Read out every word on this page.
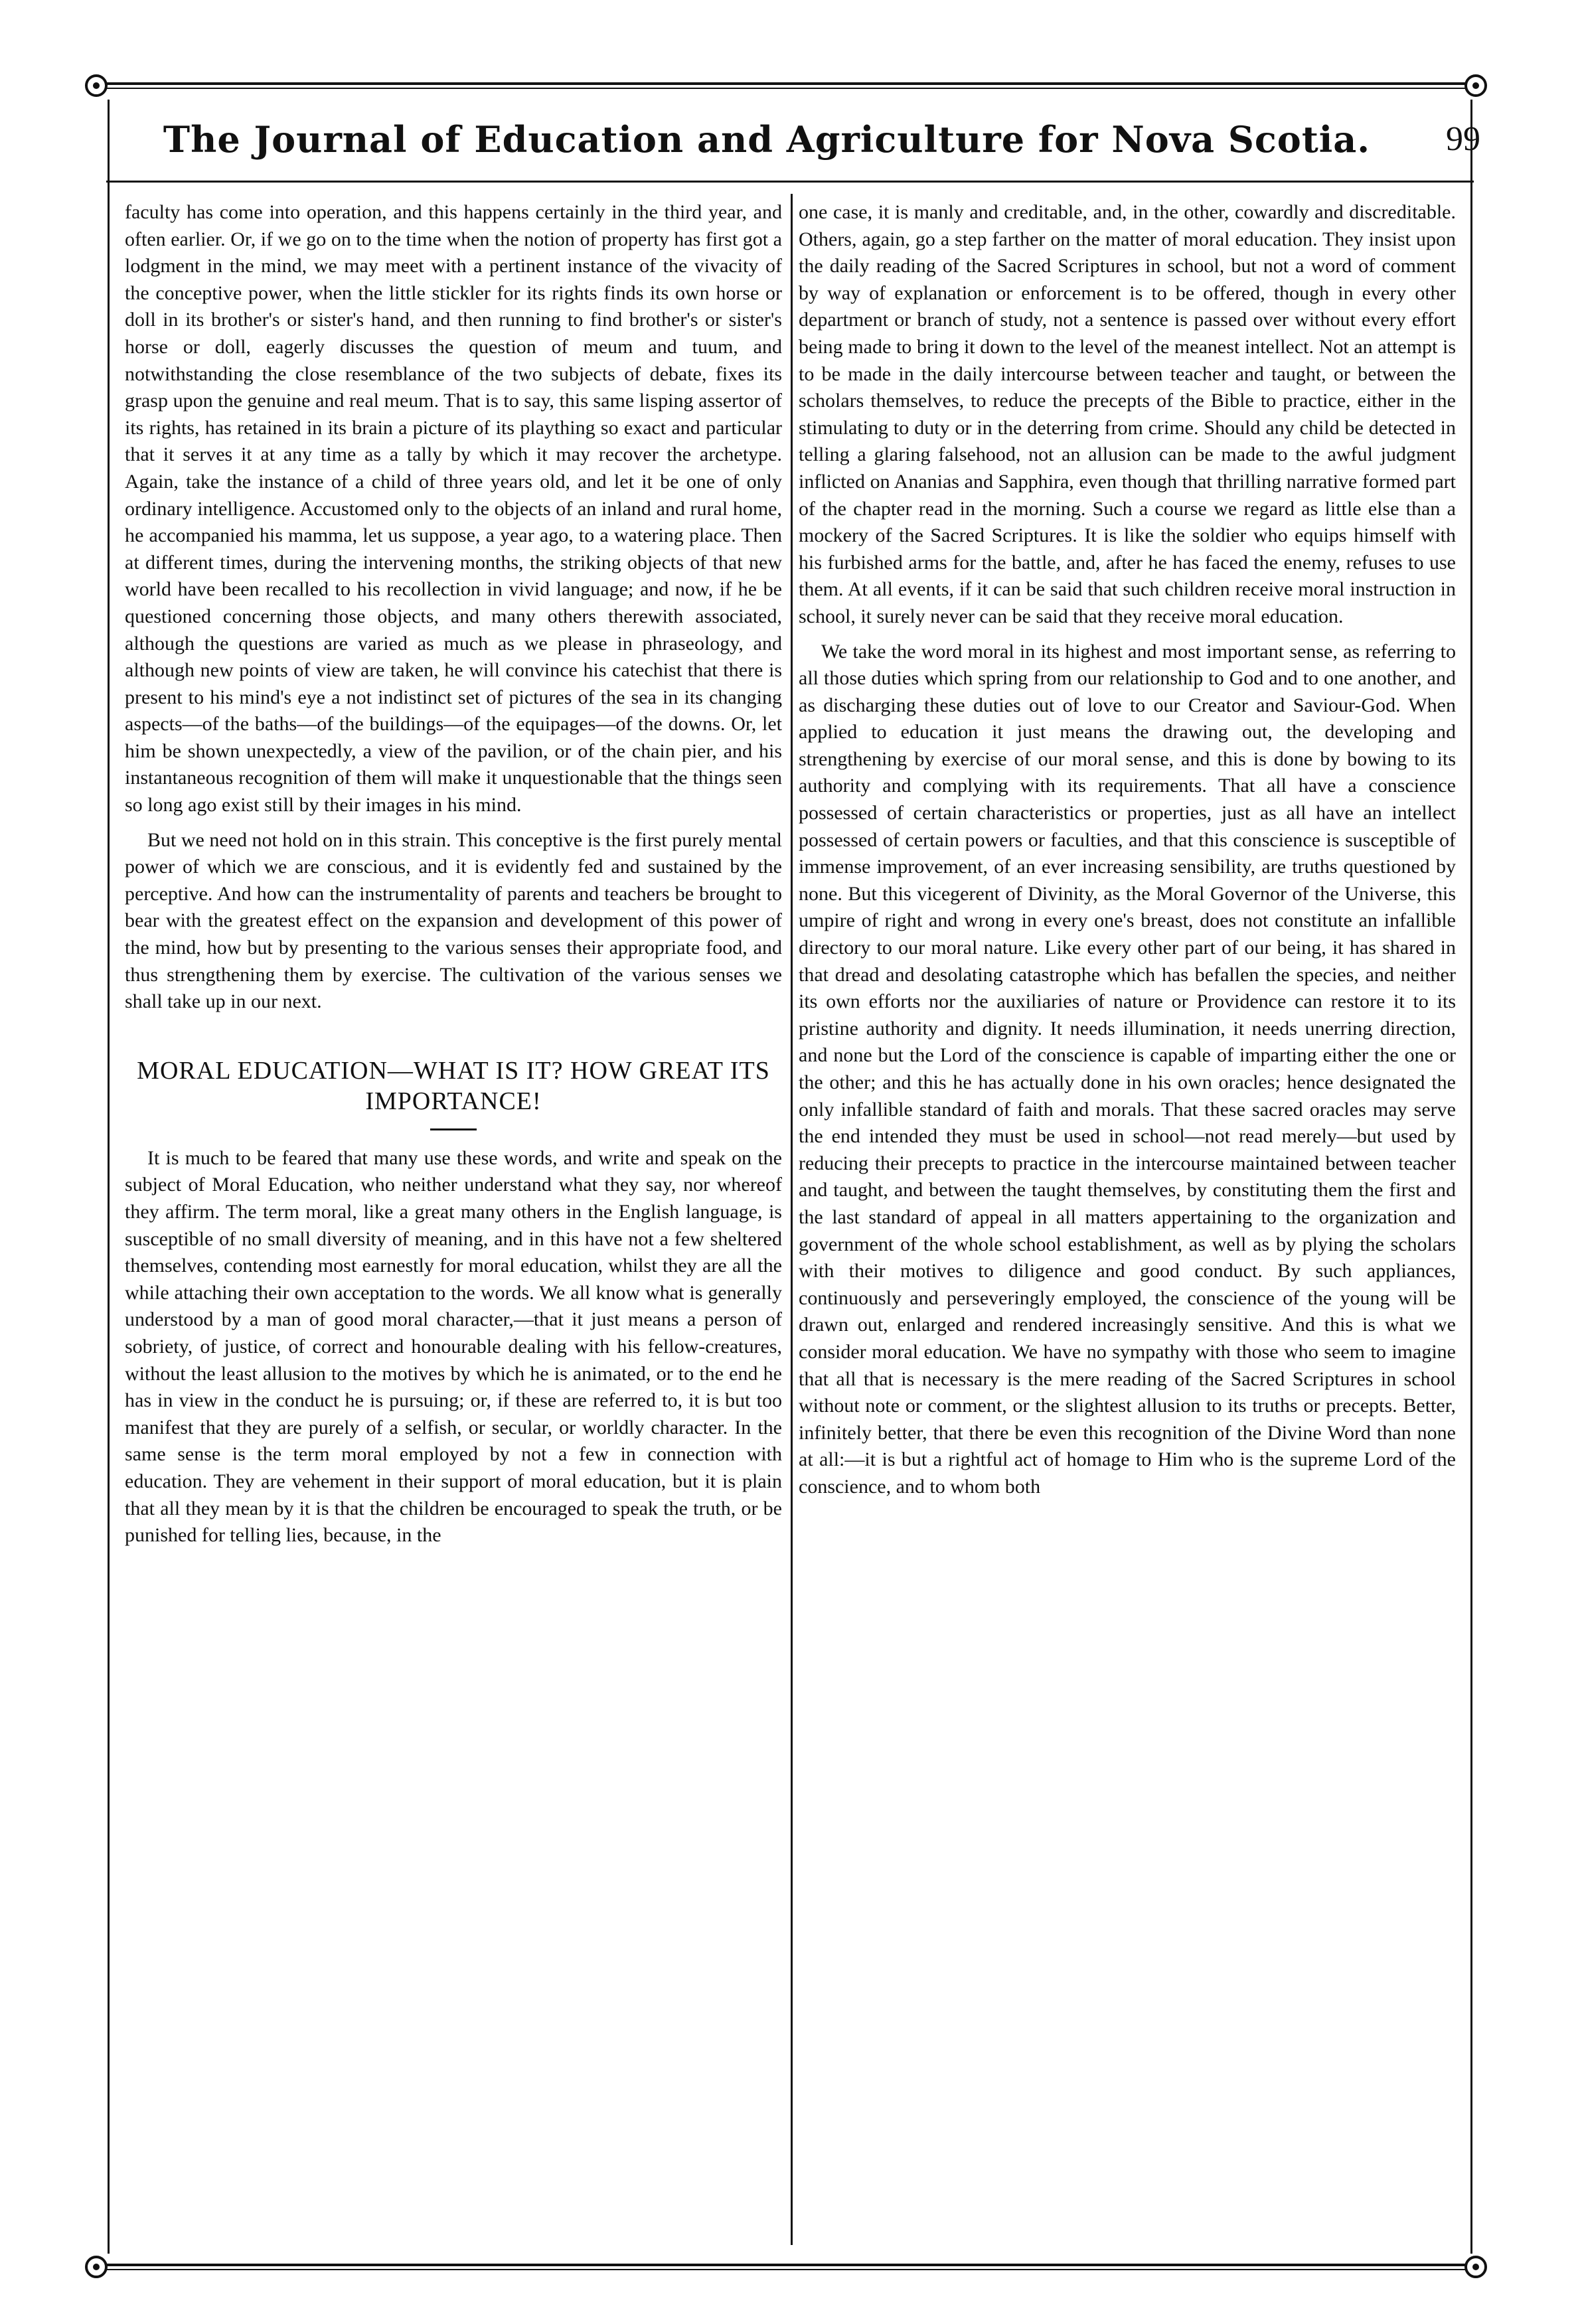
The Journal of Education and Agriculture for Nova Scotia. 99

faculty has come into operation, and this happens certainly in the third year, and often earlier. Or, if we go on to the time when the notion of property has first got a lodgment in the mind, we may meet with a pertinent instance of the vivacity of the conceptive power, when the little stickler for its rights finds its own horse or doll in its brother's or sister's hand, and then running to find brother's or sister's horse or doll, eagerly discusses the question of meum and tuum, and notwithstanding the close resemblance of the two subjects of debate, fixes its grasp upon the genuine and real meum. That is to say, this same lisping assertor of its rights, has retained in its brain a picture of its plaything so exact and particular that it serves it at any time as a tally by which it may recover the archetype. Again, take the instance of a child of three years old, and let it be one of only ordinary intelligence. Accustomed only to the objects of an inland and rural home, he accompanied his mamma, let us suppose, a year ago, to a watering place. Then at different times, during the intervening months, the striking objects of that new world have been recalled to his recollection in vivid language; and now, if he be questioned concerning those objects, and many others therewith associated, although the questions are varied as much as we please in phraseology, and although new points of view are taken, he will convince his catechist that there is present to his mind's eye a not indistinct set of pictures of the sea in its changing aspects—of the baths—of the buildings—of the equipages—of the downs. Or, let him be shown unexpectedly, a view of the pavilion, or of the chain pier, and his instantaneous recognition of them will make it unquestionable that the things seen so long ago exist still by their images in his mind.

But we need not hold on in this strain. This conceptive is the first purely mental power of which we are conscious, and it is evidently fed and sustained by the perceptive. And how can the instrumentality of parents and teachers be brought to bear with the greatest effect on the expansion and development of this power of the mind, how but by presenting to the various senses their appropriate food, and thus strengthening them by exercise. The cultivation of the various senses we shall take up in our next.

MORAL EDUCATION—WHAT IS IT? HOW GREAT ITS IMPORTANCE!

It is much to be feared that many use these words, and write and speak on the subject of Moral Education, who neither understand what they say, nor whereof they affirm. The term moral, like a great many others in the English language, is susceptible of no small diversity of meaning, and in this have not a few sheltered themselves, contending most earnestly for moral education, whilst they are all the while attaching their own acceptation to the words. We all know what is generally understood by a man of good moral character,—that it just means a person of sobriety, of justice, of correct and honourable dealing with his fellow-creatures, without the least allusion to the motives by which he is animated, or to the end he has in view in the conduct he is pursuing; or, if these are referred to, it is but too manifest that they are purely of a selfish, or secular, or worldly character. In the same sense is the term moral employed by not a few in connection with education. They are vehement in their support of moral education, but it is plain that all they mean by it is that the children be encouraged to speak the truth, or be punished for telling lies, because, in the

one case, it is manly and creditable, and, in the other, cowardly and discreditable. Others, again, go a step farther on the matter of moral education. They insist upon the daily reading of the Sacred Scriptures in school, but not a word of comment by way of explanation or enforcement is to be offered, though in every other department or branch of study, not a sentence is passed over without every effort being made to bring it down to the level of the meanest intellect. Not an attempt is to be made in the daily intercourse between teacher and taught, or between the scholars themselves, to reduce the precepts of the Bible to practice, either in the stimulating to duty or in the deterring from crime. Should any child be detected in telling a glaring falsehood, not an allusion can be made to the awful judgment inflicted on Ananias and Sapphira, even though that thrilling narrative formed part of the chapter read in the morning. Such a course we regard as little else than a mockery of the Sacred Scriptures. It is like the soldier who equips himself with his furbished arms for the battle, and, after he has faced the enemy, refuses to use them. At all events, if it can be said that such children receive moral instruction in school, it surely never can be said that they receive moral education.

We take the word moral in its highest and most important sense, as referring to all those duties which spring from our relationship to God and to one another, and as discharging these duties out of love to our Creator and Saviour-God. When applied to education it just means the drawing out, the developing and strengthening by exercise of our moral sense, and this is done by bowing to its authority and complying with its requirements. That all have a conscience possessed of certain characteristics or properties, just as all have an intellect possessed of certain powers or faculties, and that this conscience is susceptible of immense improvement, of an ever increasing sensibility, are truths questioned by none. But this vicegerent of Divinity, as the Moral Governor of the Universe, this umpire of right and wrong in every one's breast, does not constitute an infallible directory to our moral nature. Like every other part of our being, it has shared in that dread and desolating catastrophe which has befallen the species, and neither its own efforts nor the auxiliaries of nature or Providence can restore it to its pristine authority and dignity. It needs illumination, it needs unerring direction, and none but the Lord of the conscience is capable of imparting either the one or the other; and this he has actually done in his own oracles; hence designated the only infallible standard of faith and morals. That these sacred oracles may serve the end intended they must be used in school—not read merely—but used by reducing their precepts to practice in the intercourse maintained between teacher and taught, and between the taught themselves, by constituting them the first and the last standard of appeal in all matters appertaining to the organization and government of the whole school establishment, as well as by plying the scholars with their motives to diligence and good conduct. By such appliances, continuously and perseveringly employed, the conscience of the young will be drawn out, enlarged and rendered increasingly sensitive. And this is what we consider moral education. We have no sympathy with those who seem to imagine that all that is necessary is the mere reading of the Sacred Scriptures in school without note or comment, or the slightest allusion to its truths or precepts. Better, infinitely better, that there be even this recognition of the Divine Word than none at all:—it is but a rightful act of homage to Him who is the supreme Lord of the conscience, and to whom both
